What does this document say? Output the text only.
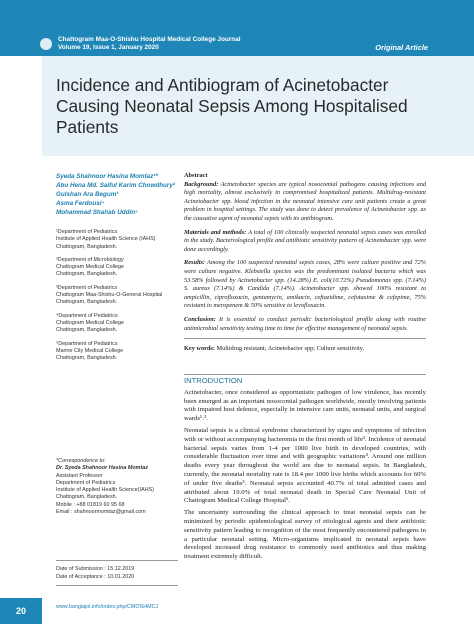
Chattogram Maa-O-Shishu Hospital Medical College Journal
Volume 19, Issue 1, January 2020	Original Article
Incidence and Antibiogram of Acinetobacter Causing Neonatal Sepsis Among Hospitalised Patients
Syeda Shahnoor Hasina Momtaz¹*
Abu Hena Md. Saiful Karim Chowdhury²
Gulshan Ara Begum³
Asma Ferdousi⁴
Mohammad Shahab Uddin⁵
¹Department of Pediatrics
Institute of Applied Health Science (IAHS)
Chattogram, Bangladesh.
²Department of Microbiology
Chattogram Medical College
Chattogram, Bangladesh.
³Department of Pediatrics
Chattogram Maa-Shishu-O-General Hospital
Chattogram, Bangladesh.
⁴Department of Pediatrics
Chattogram Medical College
Chattogram, Bangladesh.
⁵Department of Pediatrics
Marine City Medical College
Chattogram, Bangladesh.
*Correspondence to:
Dr. Syeda Shahnoor Hasina Momtaz
Assistant Professor
Department of Pediatrics
Institute of Applied Health Science(IAHS)
Chattogram, Bangladesh.
Mobile : +88 01819 60 95 68
Email : shahnoormomtaz@gmail.com
Date of Submission : 15.12.2019
Date of Acceptance : 10.01.2020
www.banglajol.info/index.php/CMOSHMCJ
20
Abstract

Background: Acinetobacter species are typical nosocomial pathogens causing infections and high mortality, almost exclusively in compromised hospitalized patients. Multidrug-resistant Acinetobacter spp. blood infection in the neonatal intensive care unit patients create a great problem in hospital settings. The study was done to detect prevalence of Acinetobacter spp. as the causative agent of neonatal sepsis with its antibiogram.

Materials and methods: A total of 100 clinically suspected neonatal sepsis cases was enrolled in the study. Bacteriological profile and antibiotic sensitivity pattern of Acinetobacter spp. were done accordingly.

Results: Among the 100 suspected neonatal sepsis cases, 28% were culture positive and 72% were culture negative. Klebsiella species was the predominant isolated bacteria which was 53.58% followed by Acinetobacter spp. (14.28%) E. coli(10.72%) Pseudomonas spp. (7.14%) S. aureus (7.14%) & Candida (7.14%). Acinetobacter spp. showed 100% resistant to ampicillin, ciprofloxacin, gentamycin, amikacin, ceftazidime, cefotaxime & cefepime, 75% resistant to meropenem & 50% sensitive to levofloxacin.

Conclusion: It is essential to conduct periodic bacteriological profile along with routine antimicrobial sensitivity testing time to time for effective management of neonatal sepsis.

Key words: Multidrug resistant; Acinetobacter spp; Culture sensitivity.

INTRODUCTION

Acinetobacter, once considered as opportunistic pathogen of low virulence, has recently been emerged as an important nosocomial pathogen worldwide, mostly involving patients with impaired host defence, especially in intensive care units, neonatal units, and surgical wards¹˒².

Neonatal sepsis is a clinical syndrome characterized by signs and symptoms of infection with or without accompanying bacteremia in the first month of life³. Incidence of neonatal bacterial sepsis varies from 1-4 per 1000 live birth in developed countries, with considerable fluctuation over time and with geographic variations⁴. Around one million deaths every year throughout the world are due to neonatal sepsis. In Bangladesh, currently, the neonatal mortality rate is 18.4 per 1000 live births which accounts for 60% of under five deaths⁵. Neonatal sepsis accounted 40.7% of total admitted cases and attributed about 19.0% of total neonatal death in Special Care Neonatal Unit of Chattogram Medical College Hospital⁶.

The uncertainty surrounding the clinical approach to treat neonatal sepsis can be minimized by periodic epidemiological survey of etiological agents and their antibiotic sensitivity pattern leading to recognition of the most frequently encountered pathogens in a particular neonatal setting. Micro-organisms implicated in neonatal sepsis have developed increased drug resistance to commonly used antibiotics and thus making treatment extremely difficult.
